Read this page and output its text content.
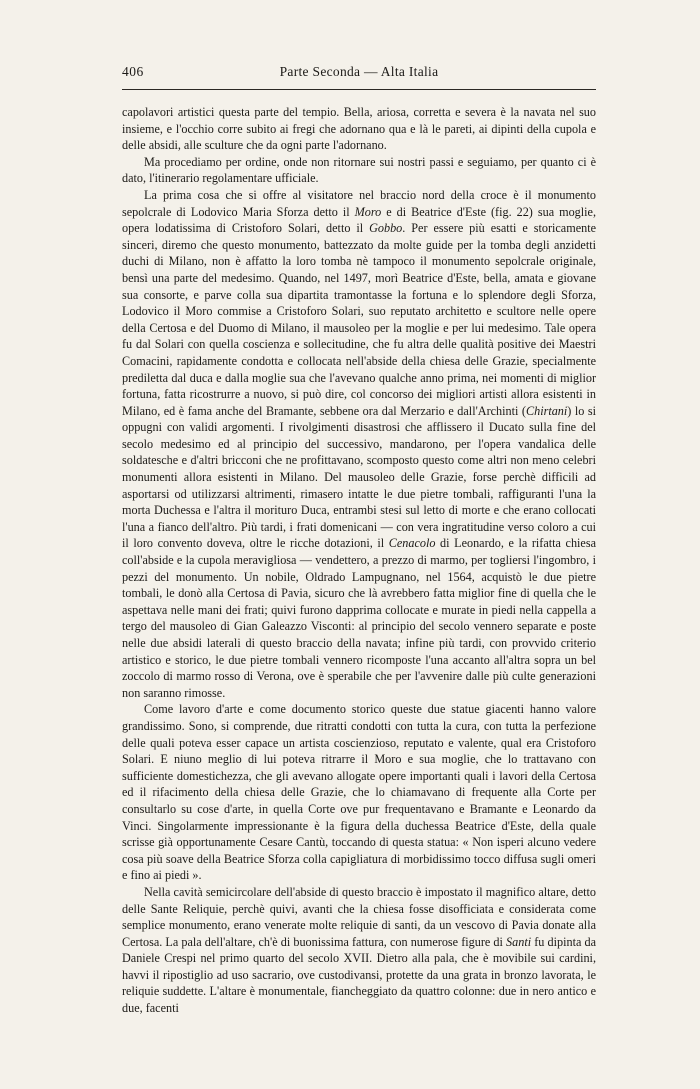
406	Parte Seconda — Alta Italia

capolavori artistici questa parte del tempio. Bella, ariosa, corretta e severa è la navata nel suo insieme, e l'occhio corre subito ai fregi che adornano qua e là le pareti, ai dipinti della cupola e delle absidi, alle sculture che da ogni parte l'adornano.

Ma procediamo per ordine, onde non ritornare sui nostri passi e seguiamo, per quanto ci è dato, l'itinerario regolamentare ufficiale.

La prima cosa che si offre al visitatore nel braccio nord della croce è il monumento sepolcrale di Lodovico Maria Sforza detto il Moro e di Beatrice d'Este (fig. 22) sua moglie, opera lodatissima di Cristoforo Solari, detto il Gobbo. Per essere più esatti e storicamente sinceri, diremo che questo monumento, battezzato da molte guide per la tomba degli anzidetti duchi di Milano, non è affatto la loro tomba nè tampoco il monumento sepolcrale originale, bensì una parte del medesimo. Quando, nel 1497, morì Beatrice d'Este, bella, amata e giovane sua consorte, e parve colla sua dipartita tramontasse la fortuna e lo splendore degli Sforza, Lodovico il Moro commise a Cristoforo Solari, suo reputato architetto e scultore nelle opere della Certosa e del Duomo di Milano, il mausoleo per la moglie e per lui medesimo. Tale opera fu dal Solari con quella coscienza e sollecitudine, che fu altra delle qualità positive dei Maestri Comacini, rapidamente condotta e collocata nell'abside della chiesa delle Grazie, specialmente prediletta dal duca e dalla moglie sua che l'avevano qualche anno prima, nei momenti di miglior fortuna, fatta ricostrurre a nuovo, si può dire, col concorso dei migliori artisti allora esistenti in Milano, ed è fama anche del Bramante, sebbene ora dal Merzario e dall'Archinti (Chirtani) lo si oppugni con validi argomenti. I rivolgimenti disastrosi che afflissero il Ducato sulla fine del secolo medesimo ed al principio del successivo, mandarono, per l'opera vandalica delle soldatesche e d'altri bricconi che ne profittavano, scomposto questo come altri non meno celebri monumenti allora esistenti in Milano. Del mausoleo delle Grazie, forse perchè difficili ad asportarsi od utilizzarsi altrimenti, rimasero intatte le due pietre tombali, raffiguranti l'una la morta Duchessa e l'altra il morituro Duca, entrambi stesi sul letto di morte e che erano collocati l'una a fianco dell'altro. Più tardi, i frati domenicani — con vera ingratitudine verso coloro a cui il loro convento doveva, oltre le ricche dotazioni, il Cenacolo di Leonardo, e la rifatta chiesa coll'abside e la cupola meravigliosa — vendettero, a prezzo di marmo, per togliersi l'ingombro, i pezzi del monumento. Un nobile, Oldrado Lampugnano, nel 1564, acquistò le due pietre tombali, le donò alla Certosa di Pavia, sicuro che là avrebbero fatta miglior fine di quella che le aspettava nelle mani dei frati; quivi furono dapprima collocate e murate in piedi nella cappella a tergo del mausoleo di Gian Galeazzo Visconti: al principio del secolo vennero separate e poste nelle due absidi laterali di questo braccio della navata; infine più tardi, con provvido criterio artistico e storico, le due pietre tombali vennero ricomposte l'una accanto all'altra sopra un bel zoccolo di marmo rosso di Verona, ove è sperabile che per l'avvenire dalle più culte generazioni non saranno rimosse.

Come lavoro d'arte e come documento storico queste due statue giacenti hanno valore grandissimo. Sono, si comprende, due ritratti condotti con tutta la cura, con tutta la perfezione delle quali poteva esser capace un artista coscienzioso, reputato e valente, qual era Cristoforo Solari. E niuno meglio di lui poteva ritrarre il Moro e sua moglie, che lo trattavano con sufficiente domestichezza, che gli avevano allogate opere importanti quali i lavori della Certosa ed il rifacimento della chiesa delle Grazie, che lo chiamavano di frequente alla Corte per consultarlo su cose d'arte, in quella Corte ove pur frequentavano e Bramante e Leonardo da Vinci. Singolarmente impressionante è la figura della duchessa Beatrice d'Este, della quale scrisse già opportunamente Cesare Cantù, toccando di questa statua: « Non isperi alcuno vedere cosa più soave della Beatrice Sforza colla capigliatura di morbidissimo tocco diffusa sugli omeri e fino ai piedi ».

Nella cavità semicircolare dell'abside di questo braccio è impostato il magnifico altare, detto delle Sante Reliquie, perchè quivi, avanti che la chiesa fosse disofficiata e considerata come semplice monumento, erano venerate molte reliquie di santi, da un vescovo di Pavia donate alla Certosa. La pala dell'altare, ch'è di buonissima fattura, con numerose figure di Santi fu dipinta da Daniele Crespi nel primo quarto del secolo XVII. Dietro alla pala, che è movibile sui cardini, havvi il ripostiglio ad uso sacrario, ove custodivansi, protette da una grata in bronzo lavorata, le reliquie suddette. L'altare è monumentale, fiancheggiato da quattro colonne: due in nero antico e due, facenti
